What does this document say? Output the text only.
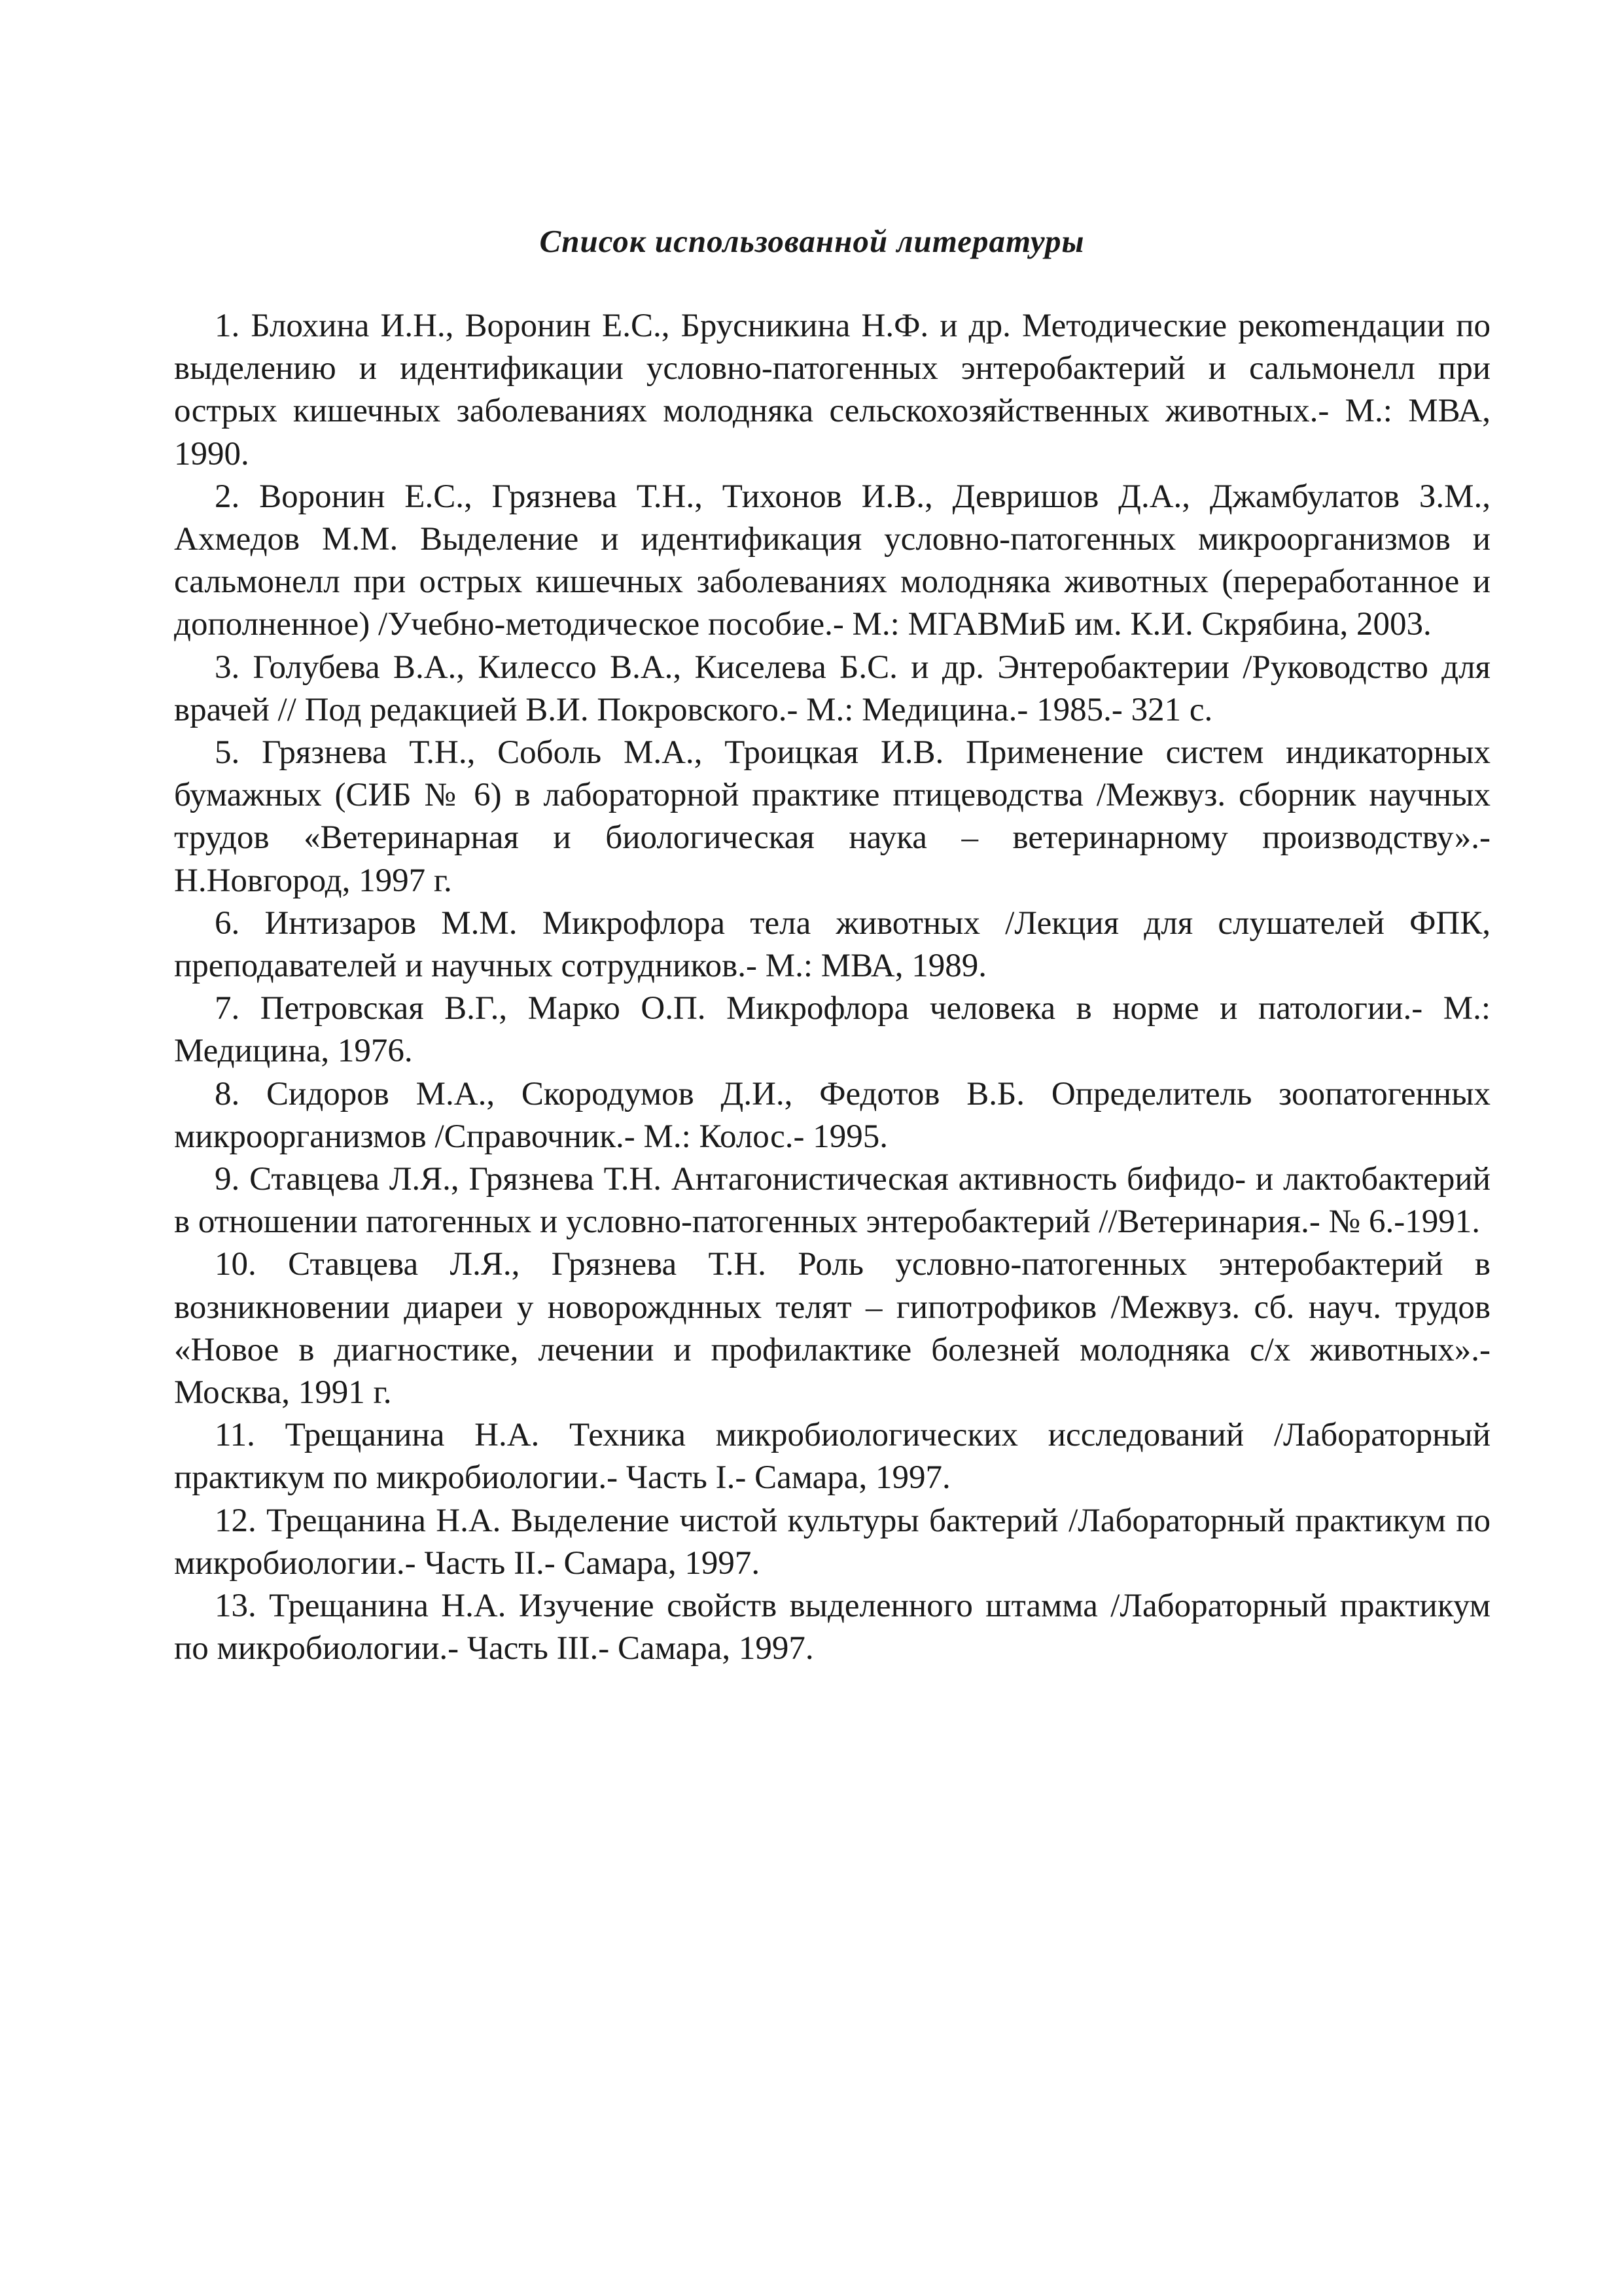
Список использованной литературы

1. Блохина И.Н., Воронин Е.С., Брусникина Н.Ф. и др. Методические рекоmендации по выделению и идентификации условно-патогенных энтеробактерий и сальмонелл при острых кишечных заболеваниях молодняка сельскохозяйственных животных.- М.: МВА, 1990.

2. Воронин Е.С., Грязнева Т.Н., Тихонов И.В., Девришов Д.А., Джамбулатов З.М., Ахмедов М.М. Выделение и идентификация условно-патогенных микроорганизмов и сальмонелл при острых кишечных заболеваниях молодняка животных (переработанное и дополненное) /Учебно-методическое пособие.- М.: МГАВМиБ им. К.И. Скрябина, 2003.

3. Голубева В.А., Килессо В.А., Киселева Б.С. и др. Энтеробактерии /Руководство для врачей // Под редакцией В.И. Покровского.- М.: Медицина.- 1985.- 321 с.

5. Грязнева Т.Н., Соболь М.А., Троицкая И.В. Применение систем индикаторных бумажных (СИБ № 6) в лабораторной практике птицеводства /Межвуз. сборник научных трудов «Ветеринарная и биологическая наука – ветеринарному производству».- Н.Новгород, 1997 г.

6. Интизаров М.М. Микрофлора тела животных /Лекция для слушателей ФПК, преподавателей и научных сотрудников.- М.: МВА, 1989.

7. Петровская В.Г., Марко О.П. Микрофлора человека в норме и патологии.- М.: Медицина, 1976.

8. Сидоров М.А., Скородумов Д.И., Федотов В.Б. Определитель зоопатогенных микроорганизмов /Справочник.- М.: Колос.- 1995.

9. Ставцева Л.Я., Грязнева Т.Н. Антагонистическая активность бифидо- и лактобактерий в отношении патогенных и условно-патогенных энтеробактерий //Ветеринария.- № 6.-1991.

10. Ставцева Л.Я., Грязнева Т.Н. Роль условно-патогенных энтеробактерий в возникновении диареи у новорожднных телят – гипотрофиков /Межвуз. сб. науч. трудов «Новое в диагностике, лечении и профилактике болезней молодняка с/х животных».- Москва, 1991 г.

11. Трещанина Н.А. Техника микробиологических исследований /Лабораторный практикум по микробиологии.- Часть I.- Самара, 1997.

12. Трещанина Н.А. Выделение чистой культуры бактерий /Лабораторный практикум по микробиологии.- Часть II.- Самара, 1997.

13. Трещанина Н.А. Изучение свойств выделенного штамма /Лабораторный практикум по микробиологии.- Часть III.- Самара, 1997.
